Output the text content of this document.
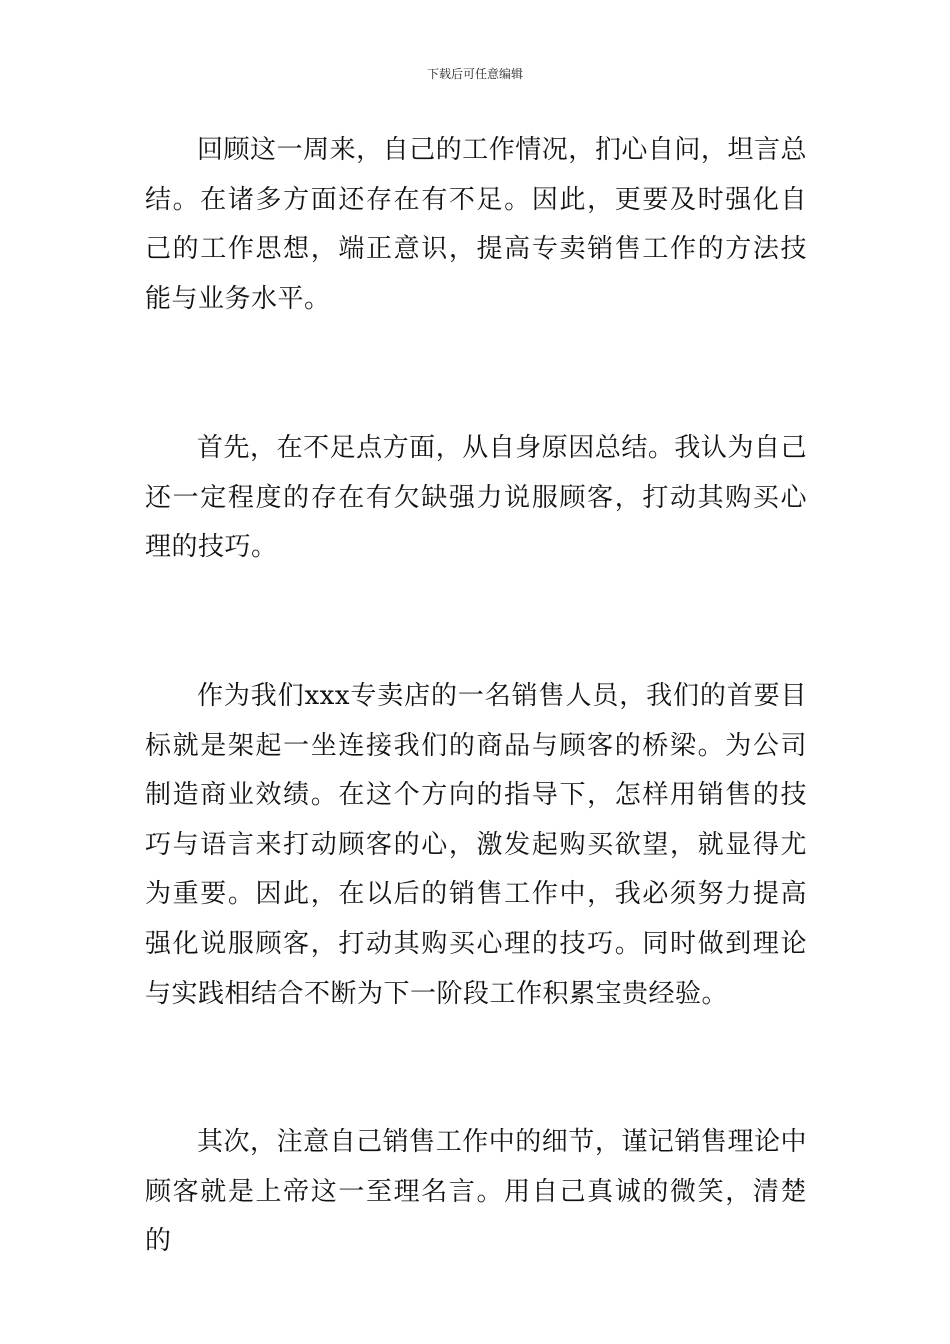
下载后可任意编辑

回顾这一周来，自己的工作情况，扪心自问，坦言总结。在诸多方面还存在有不足。因此，更要及时强化自己的工作思想，端正意识，提高专卖销售工作的方法技能与业务水平。

首先，在不足点方面，从自身原因总结。我认为自己还一定程度的存在有欠缺强力说服顾客，打动其购买心理的技巧。

作为我们xxx专卖店的一名销售人员，我们的首要目标就是架起一坐连接我们的商品与顾客的桥梁。为公司制造商业效绩。在这个方向的指导下，怎样用销售的技巧与语言来打动顾客的心，激发起购买欲望，就显得尤为重要。因此，在以后的销售工作中，我必须努力提高强化说服顾客，打动其购买心理的技巧。同时做到理论与实践相结合不断为下一阶段工作积累宝贵经验。

其次，注意自己销售工作中的细节，谨记销售理论中顾客就是上帝这一至理名言。用自己真诚的微笑，清楚的
